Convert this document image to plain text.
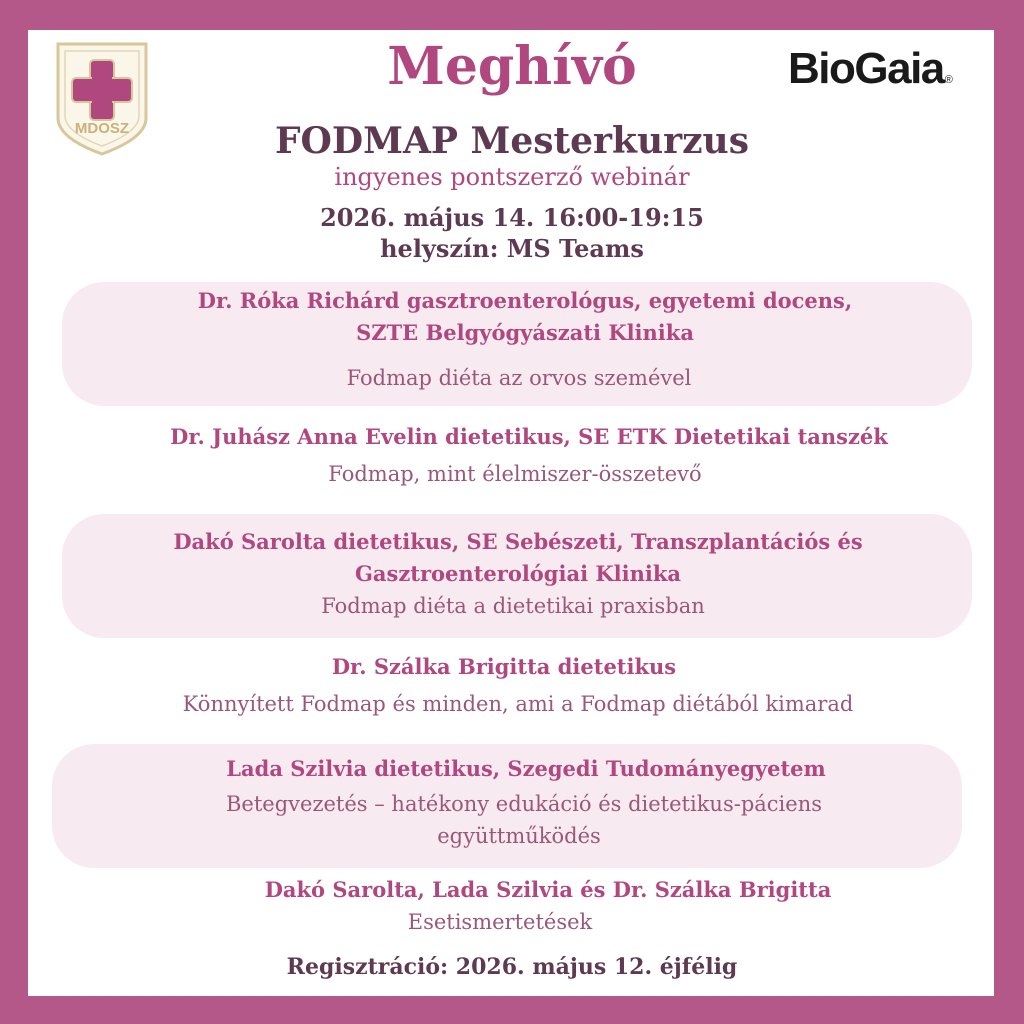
MDOSZ
BioGaia®
Meghívó
FODMAP Mesterkurzus
ingyenes pontszerző webinár
2026. május 14. 16:00-19:15
helyszín: MS Teams
Dr. Róka Richárd gasztroenterológus, egyetemi docens,
SZTE Belgyógyászati Klinika
Fodmap diéta az orvos szemével
Dr. Juhász Anna Evelin dietetikus, SE ETK Dietetikai tanszék
Fodmap, mint élelmiszer-összetevő
Dakó Sarolta dietetikus, SE Sebészeti, Transzplantációs és
Gasztroenterológiai Klinika
Fodmap diéta a dietetikai praxisban
Dr. Szálka Brigitta dietetikus
Könnyített Fodmap és minden, ami a Fodmap diétából kimarad
Lada Szilvia dietetikus, Szegedi Tudományegyetem
Betegvezetés – hatékony edukáció és dietetikus-páciens
együttműködés
Dakó Sarolta, Lada Szilvia és Dr. Szálka Brigitta
Esetismertetések
Regisztráció: 2026. május 12. éjfélig
